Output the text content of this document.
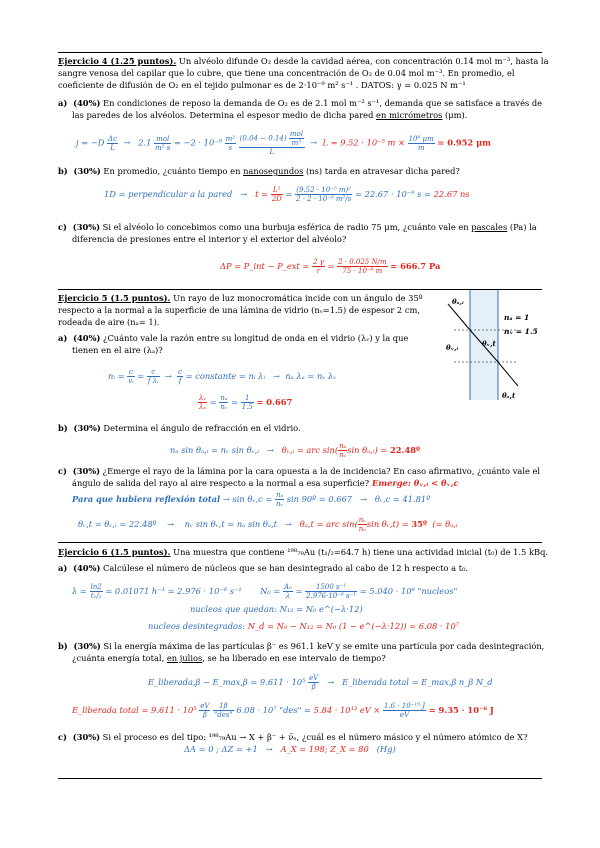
Ejercicio 4 (1.25 puntos). Un alvéolo difunde O₂ desde la cavidad aérea, con concentración 0.14 mol m⁻³, hasta la
sangre venosa del capilar que lo cubre, que tiene una concentración de O₂ de 0.04 mol m⁻³. En promedio, el
coeficiente de difusión de O₂ en el tejido pulmonar es de 2·10⁻⁹ m² s⁻¹ . DATOS: γ = 0.025 N m⁻¹
a)  (40%) En condiciones de reposo la demanda de O₂ es de 2.1 mol m⁻² s⁻¹, demanda que se satisface a través de
las paredes de los alvéolos. Determina el espesor medio de dicha pared en micrómetros (μm).
$j = -D \frac{\Delta c}{L} \to 2.1 \frac{\text{mol}}{\text{m² s}} = -2 \cdot 10^{-9} \frac{\text{m²}}{s}$
$\frac{(0.04 - 0.14) \frac{\text{mol}}{\text{m³}}}{L} \to L = 9.52 \cdot 10^{-5}$ $m \times \frac{\text{10⁶ μm}}{m} = 0.952$ μm
b)  (30%) En promedio, ¿cuánto tiempo en nanosegundos (ns) tarda en atravesar dicha pared?
1D = perpendicular a la pared → $t = \frac{\text{L²}}{2D} = \frac{\text{(9.52 · 10⁻⁵ m)²}}{\text{2 · 2 · 10⁻⁹ m²/s}} = 22.67 \cdot 10^{-9}$ s = 22.67 ns
c)  (30%) Si el alvéolo lo concebimos como una burbuja esférica de radio 75 μm, ¿cuánto vale en pascales (Pa) la
diferencia de presiones entre el interior y el exterior del alvéolo?
ΔP = P_int − P_ext = $\frac{2 \gamma}{r} = \frac{2 \cdot 0.025 N/m}{\text{75 · 10⁻⁶ m}} = 666.7$ Pa
Ejercicio 5 (1.5 puntos). Un rayo de luz monocromática incide con un ángulo de 35º
respecto a la normal a la superficie de una lámina de vidrio (nᵥ=1.5) de espesor 2 cm,
rodeada de aire (nₐ= 1).
θₐ,ᵢ
θᵥ,ᵢ	θᵥ,t
θₐ,t
nₐ = 1
nᵥ = 1.5
a)  (40%) ¿Cuánto vale la razón entre su longitud de onda en el vidrio (λᵥ) y la que
tienen en el aire (λₐ)?
nᵢ = $\frac{c}{\text{vᵢ}} = \frac{c}{\text{f λᵢ}} \to \frac{c}{f}$ = constante = nᵢ λᵢ → nₐ λₐ = nᵥ λᵥ
$\frac{\text{λᵥ}}{\text{λₐ}} = \frac{\text{nₐ}}{\text{nᵥ}} = \frac{1}{1.5} = 0.667$
b)  (30%) Determina el ángulo de refracción en el vidrio.
nₐ sin θₐ,ᵢ = nᵥ sin θᵥ,ᵢ → θᵥ,ᵢ = arc $\sin( \frac{\text{nₐ}}{\text{nᵥ}}$ sin θₐ,ᵢ) = 22.48º
c)  (30%) ¿Emerge el rayo de la lámina por la cara opuesta a la de incidencia? En caso afirmativo, ¿cuánto vale el
ángulo de salida del rayo al aire respecto a la normal a esa superficie? Emerge: θᵥ,ᵢ < θᵥ,c
Para que hubiera reflexión total → sin θᵥ,c = $\frac{\text{nₐ}}{\text{nᵥ}}$ sin 90º = 0.667 → θᵥ,c = 41.81º
θᵥ,t = θᵥ,ᵢ = 22.48º → nᵥ sin θᵥ,t = nₐ sin θₐ,t → θₐ,t = arc $\sin( \frac{\text{nᵥ}}{\text{nₐ}}$ sin θᵥ,t) = 35º (= θₐ,ᵢ
Ejercicio 6 (1.5 puntos). Una muestra que contiene ¹⁹⁸₇₉Au (t₁/₂=64.7 h) tiene una actividad inicial (t₀) de 1.5 kBq.
a)  (40%) Calcúlese el número de núcleos que se han desintegrado al cabo de 12 h respecto a t₀.
$\lambda = \frac{\ln 2}{\text{t₁/₂}} = 0.01071$ h⁻¹ = 2.976 · 10⁻⁶ s⁻¹ $N_0 = \frac{\text{A₀}}{\lambda} = \frac{\text{1500 s⁻¹}}{\text{2.976·10⁻⁶ s⁻¹}} = 5.040 \cdot 10^8$ "nucleos"
nucleos que quedan: N₁₂ = N₀ e^(−λ·12)
nucleos desintegrados: N_d = N₀ − N₁₂ = N₀ (1 − e^(−λ·12)) = 6.08 · 10⁷
b)  (30%) Si la energía máxima de las partículas β⁻ es 961.1 keV y se emite una partícula por cada desintegración,
¿cuánta energía total, en julios, se ha liberado en ese intervalo de tiempo?
E_liberada,β ~ E_max,β = $9.611 \cdot 10^5 \frac{eV}{\beta}$ → E_liberada total = E_max,β n_β N_d
E_liberada total = $9.611 \cdot 10^5 \frac{eV}{\beta}$
$\frac{1\beta}{\text{"des"}} 6.08 \cdot 10^7$ "des" = 5.84 · 10¹³ eV × $\frac{\text{1.6 · 10⁻¹⁹ J}}{eV} = 9.35 \cdot 10^{-6}$ J
c)  (30%) Si el proceso es del tipo: ¹⁹⁸₇₉Au → X + β⁻ + ν̄ₑ, ¿cuál es el número másico y el número atómico de X?
ΔA = 0 ; ΔZ = +1 → A_X = 198; Z_X = 80 (Hg)
